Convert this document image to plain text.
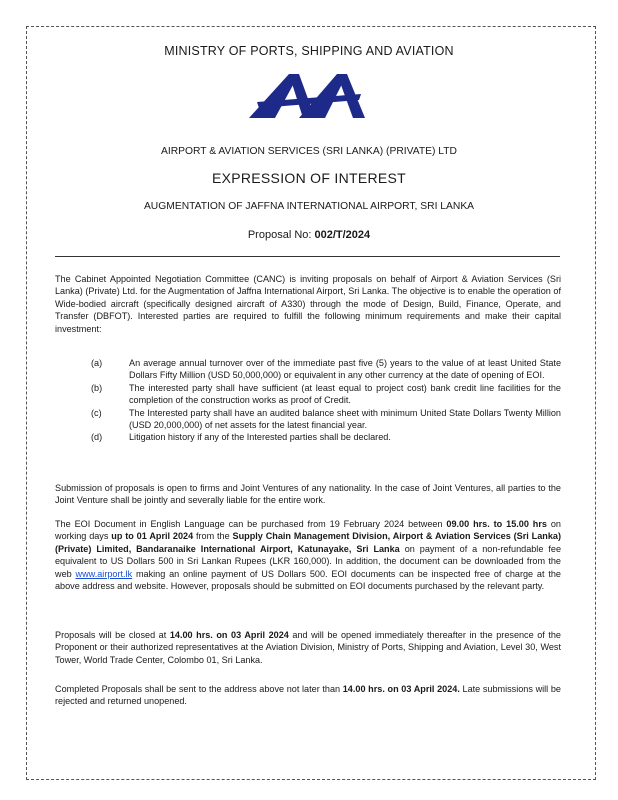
MINISTRY OF PORTS, SHIPPING AND AVIATION
AIRPORT & AVIATION SERVICES (SRI LANKA) (PRIVATE) LTD
EXPRESSION OF INTEREST
AUGMENTATION OF JAFFNA INTERNATIONAL AIRPORT, SRI LANKA
Proposal No: 002/T/2024
The Cabinet Appointed Negotiation Committee (CANC) is inviting proposals on behalf of Airport & Aviation Services (Sri Lanka) (Private) Ltd. for the Augmentation of Jaffna International Airport, Sri Lanka. The objective is to enable the operation of Wide-bodied aircraft (specifically designed aircraft of A330) through the mode of Design, Build, Finance, Operate, and Transfer (DBFOT). Interested parties are required to fulfill the following minimum requirements and make their capital investment:
(a)	An average annual turnover over of the immediate past five (5) years to the value of at least United State Dollars Fifty Million (USD 50,000,000) or equivalent in any other currency at the date of opening of EOI.
(b)	The interested party shall have sufficient (at least equal to project cost) bank credit line facilities for the completion of the construction works as proof of Credit.
(c)	The Interested party shall have an audited balance sheet with minimum United State Dollars Twenty Million (USD 20,000,000) of net assets for the latest financial year.
(d)	Litigation history if any of the Interested parties shall be declared.
Submission of proposals is open to firms and Joint Ventures of any nationality. In the case of Joint Ventures, all parties to the Joint Venture shall be jointly and severally liable for the entire work.
The EOI Document in English Language can be purchased from 19 February 2024 between 09.00 hrs. to 15.00 hrs on working days up to 01 April 2024 from the Supply Chain Management Division, Airport & Aviation Services (Sri Lanka) (Private) Limited, Bandaranaike International Airport, Katunayake, Sri Lanka on payment of a non-refundable fee equivalent to US Dollars 500 in Sri Lankan Rupees (LKR 160,000). In addition, the document can be downloaded from the web www.airport.lk making an online payment of US Dollars 500. EOI documents can be inspected free of charge at the above address and website. However, proposals should be submitted on EOI documents purchased by the relevant party.
Proposals will be closed at 14.00 hrs. on 03 April 2024 and will be opened immediately thereafter in the presence of the Proponent or their authorized representatives at the Aviation Division, Ministry of Ports, Shipping and Aviation, Level 30, West Tower, World Trade Center, Colombo 01, Sri Lanka.
Completed Proposals shall be sent to the address above not later than 14.00 hrs. on 03 April 2024. Late submissions will be rejected and returned unopened.
